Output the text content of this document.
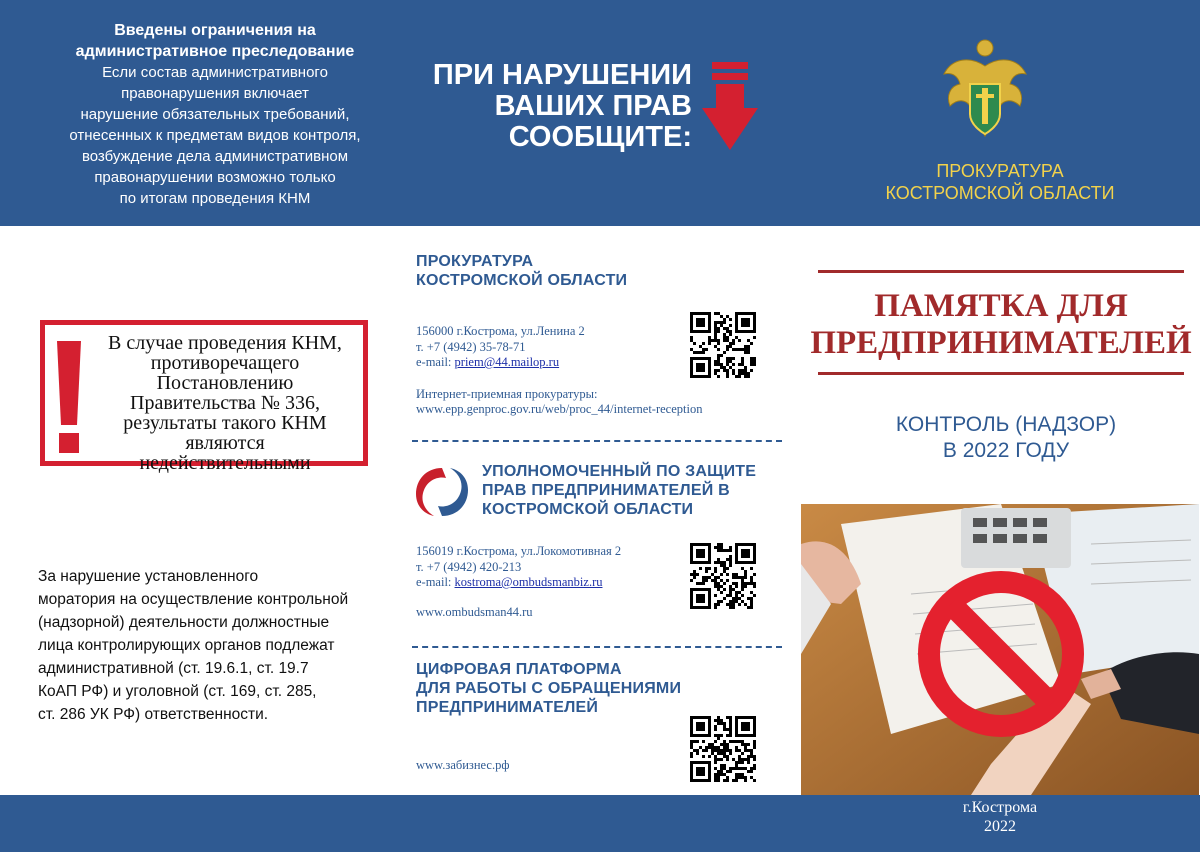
Введены ограничения на
административное преследование
Если состав административного
правонарушения включает
нарушение обязательных требований,
отнесенных к предметам видов контроля,
возбуждение дела административном
правонарушении возможно только
по итогам проведения КНМ
ПРИ НАРУШЕНИИ
ВАШИХ ПРАВ
СООБЩИТЕ:
ПРОКУРАТУРА
КОСТРОМСКОЙ ОБЛАСТИ
В случае проведения КНМ,
противоречащего
Постановлению
Правительства № 336,
результаты такого КНМ
являются
недействительными
За нарушение установленного
моратория на осуществление контрольной
(надзорной) деятельности должностные
лица контролирующих органов подлежат
административной (ст. 19.6.1, ст. 19.7
КоАП РФ) и уголовной (ст. 169, ст. 285,
ст. 286 УК РФ) ответственности.
ПРОКУРАТУРА
КОСТРОМСКОЙ ОБЛАСТИ
156000 г.Кострома, ул.Ленина 2
т. +7 (4942) 35-78-71
e-mail: priem@44.mailop.ru
Интернет-приемная прокуратуры:
www.epp.genproc.gov.ru/web/proc_44/internet-reception
УПОЛНОМОЧЕННЫЙ ПО ЗАЩИТЕ
ПРАВ ПРЕДПРИНИМАТЕЛЕЙ В
КОСТРОМСКОЙ ОБЛАСТИ
156019 г.Кострома, ул.Локомотивная 2
т. +7 (4942) 420-213
e-mail: kostroma@ombudsmanbiz.ru
www.ombudsman44.ru
ЦИФРОВАЯ ПЛАТФОРМА
ДЛЯ РАБОТЫ С ОБРАЩЕНИЯМИ
ПРЕДПРИНИМАТЕЛЕЙ
www.забизнес.рф
ПАМЯТКА ДЛЯ
ПРЕДПРИНИМАТЕЛЕЙ
КОНТРОЛЬ (НАДЗОР)
В 2022 ГОДУ
г.Кострома
2022
